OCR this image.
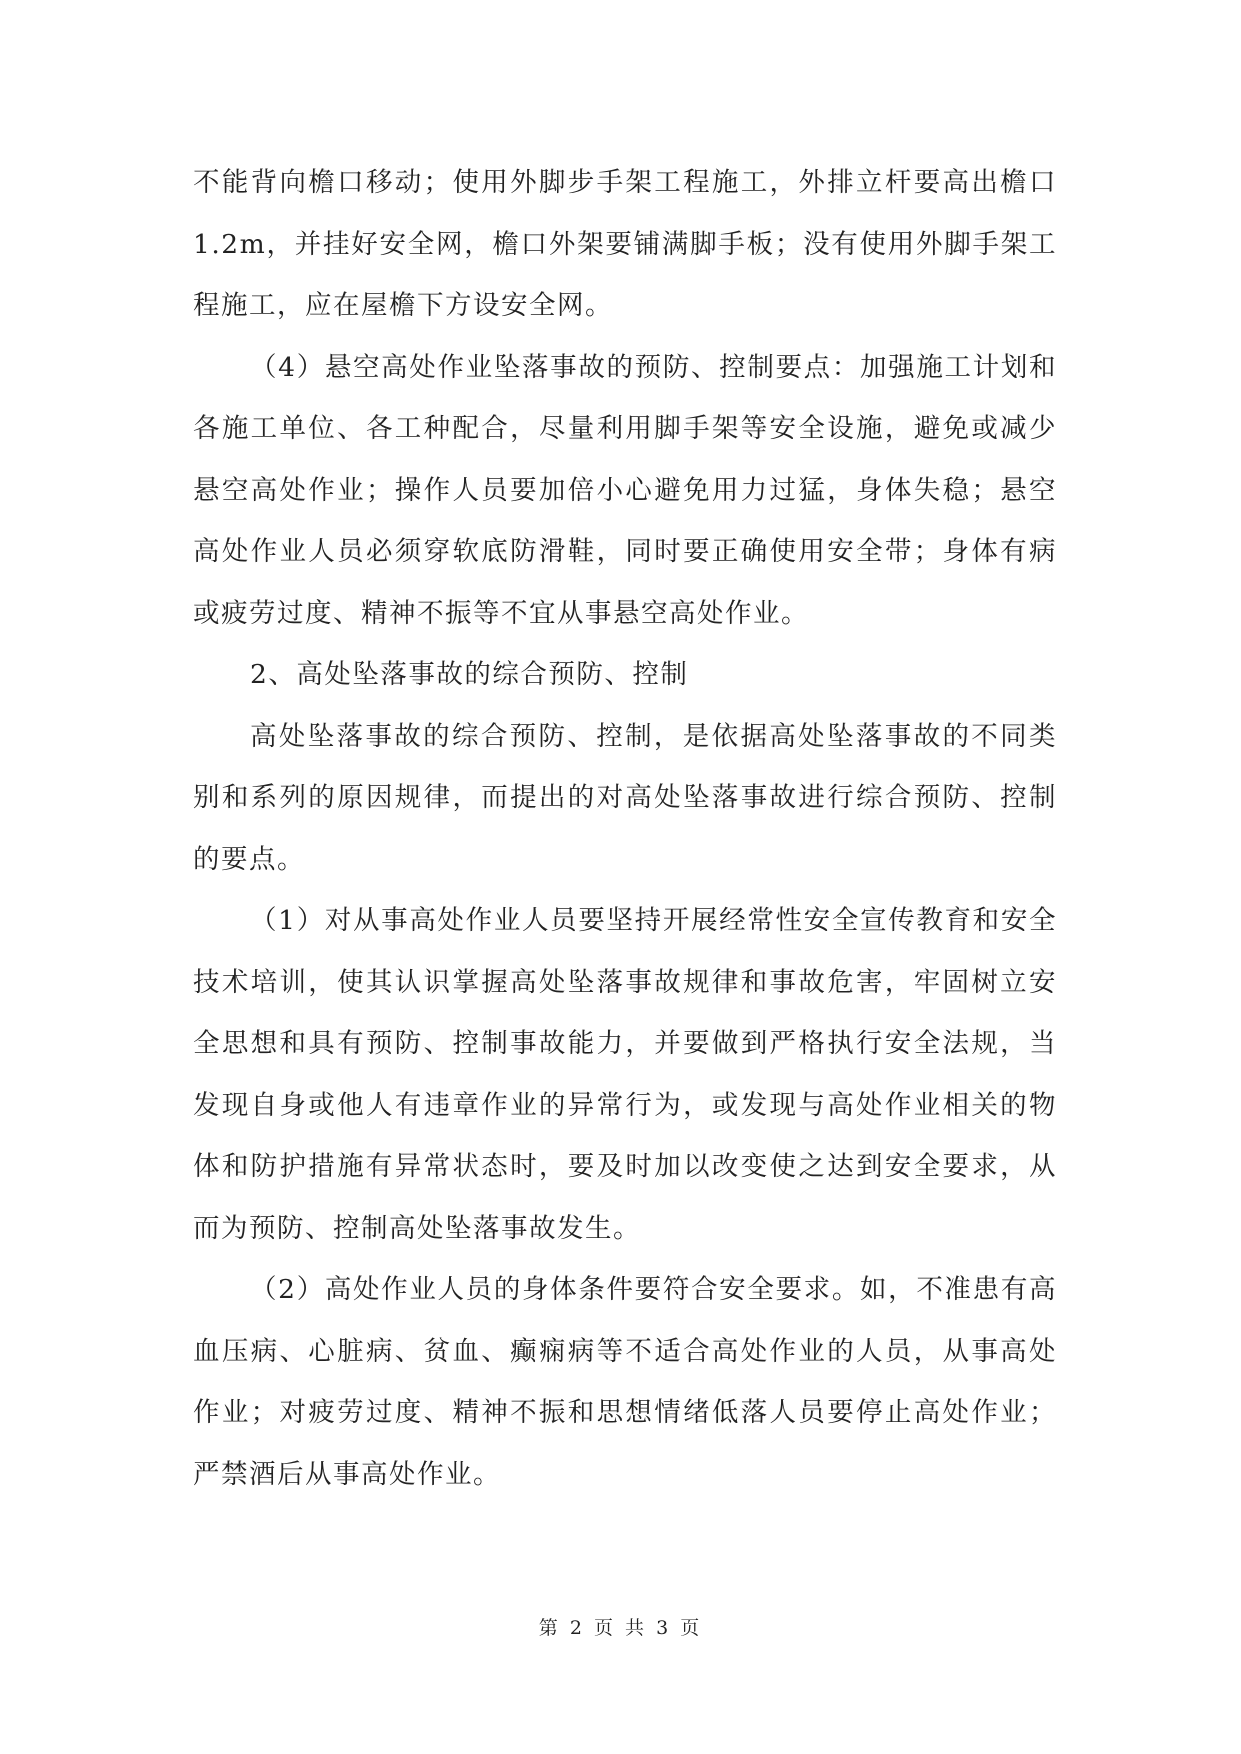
不能背向檐口移动；使用外脚步手架工程施工，外排立杆要高出檐口1.2m，并挂好安全网，檐口外架要铺满脚手板；没有使用外脚手架工程施工，应在屋檐下方设安全网。

（4）悬空高处作业坠落事故的预防、控制要点：加强施工计划和各施工单位、各工种配合，尽量利用脚手架等安全设施，避免或减少悬空高处作业；操作人员要加倍小心避免用力过猛，身体失稳；悬空高处作业人员必须穿软底防滑鞋，同时要正确使用安全带；身体有病或疲劳过度、精神不振等不宜从事悬空高处作业。

2、高处坠落事故的综合预防、控制

高处坠落事故的综合预防、控制，是依据高处坠落事故的不同类别和系列的原因规律，而提出的对高处坠落事故进行综合预防、控制的要点。

（1）对从事高处作业人员要坚持开展经常性安全宣传教育和安全技术培训，使其认识掌握高处坠落事故规律和事故危害，牢固树立安全思想和具有预防、控制事故能力，并要做到严格执行安全法规，当发现自身或他人有违章作业的异常行为，或发现与高处作业相关的物体和防护措施有异常状态时，要及时加以改变使之达到安全要求，从而为预防、控制高处坠落事故发生。

（2）高处作业人员的身体条件要符合安全要求。如，不准患有高血压病、心脏病、贫血、癫痫病等不适合高处作业的人员，从事高处作业；对疲劳过度、精神不振和思想情绪低落人员要停止高处作业；严禁酒后从事高处作业。

第 2 页 共 3 页
